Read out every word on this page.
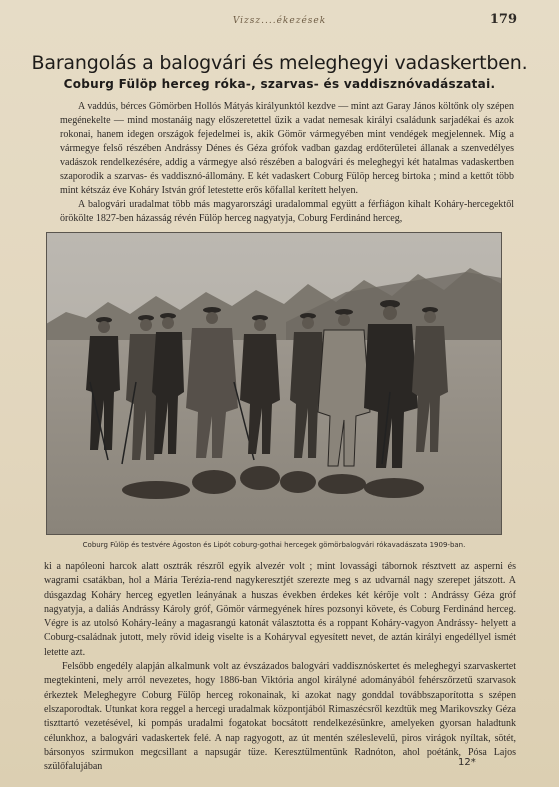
Vizsz....ékezések	179
Barangolás a balogvári és meleghegyi vadaskertben.
Coburg Fülöp herceg róka-, szarvas- és vaddisznóvadászatai.

A vaddús, bérces Gömörben Hollós Mátyás királyunktól kezdve — mint azt Garay János költőnk oly szépen megénekelte — mind mostanáig nagy előszeretettel űzik a vadat nemesak királyi családunk sarjadékai és azok rokonai, hanem idegen országok fejedelmei is, akik Gömör vármegyében mint vendégek megjelennek. Míg a vármegye felső részében Andrássy Dénes és Géza grófok vadban gazdag erdőterületei állanak a szenvedélyes vadászok rendelkezésére, addig a vármegye alsó részében a balogvári és meleghegyi két hatalmas vadaskertben szaporodik a szarvas- és vaddisznó-állomány. E két vadaskert Coburg Fülöp herceg birtoka ; mind a kettőt több mint kétszáz éve Koháry István gróf letestette erős kőfallal kerített helyen.

A balogvári uradalmat több más magyarországi uradalommal együtt a férfiágon kihalt Koháry-hercegektől örökölte 1827-ben házasság révén Fülöp herceg nagyatyja, Coburg Ferdinánd herceg,

Coburg Fülöp és testvére Ágoston és Lipót coburg-gothai hercegek gömörbalogvári rókavadászata 1909-ban.

ki a napóleoni harcok alatt osztrák részről egyik alvezér volt ; mint lovassági tábornok résztvett az asperni és wagrami csatákban, hol a Mária Terézia-rend nagykeresztjét szerezte meg s az udvarnál nagy szerepet játszott. A dúsgazdag Koháry herceg egyetlen leányának a huszas években érdekes két kérője volt : Andrássy Géza gróf nagyatyja, a daliás Andrássy Károly gróf, Gömör vármegyének híres pozsonyi követe, és Coburg Ferdinánd herceg. Végre is az utolsó Koháry-leány a magasrangú katonát választotta és a roppant Koháry-vagyon Andrássy- helyett a Coburg-családnak jutott, mely rövid ideig viselte is a Koháryval egyesített nevet, de aztán királyi engedéllyel ismét letette azt.

Felsőbb engedély alapján alkalmunk volt az évszázados balogvári vaddisznóskertet és meleghegyi szarvaskertet megtekinteni, mely arról nevezetes, hogy 1886-ban Viktória angol királyné adományából fehérszőrzetű szarvasok érkeztek Meleghegyre Coburg Fülöp herceg rokonainak, ki azokat nagy gonddal továbbszaporította s szépen elszaporodtak. Utunkat kora reggel a hercegi uradalmak központjából Rimaszécsről kezdtük meg Marikovszky Géza tiszttartó vezetésével, ki pompás uradalmi fogatokat bocsátott rendelkezésünkre, amelyeken gyorsan haladtunk célunkhoz, a balogvári vadaskertek felé. A nap ragyogott, az út mentén széleslevelű, piros virágok nyíltak, sötét, bársonyos szirmukon megcsillant a napsugár tüze. Keresztülmentünk Radnóton, ahol poétánk, Pósa Lajos szülőfalujában	12*
